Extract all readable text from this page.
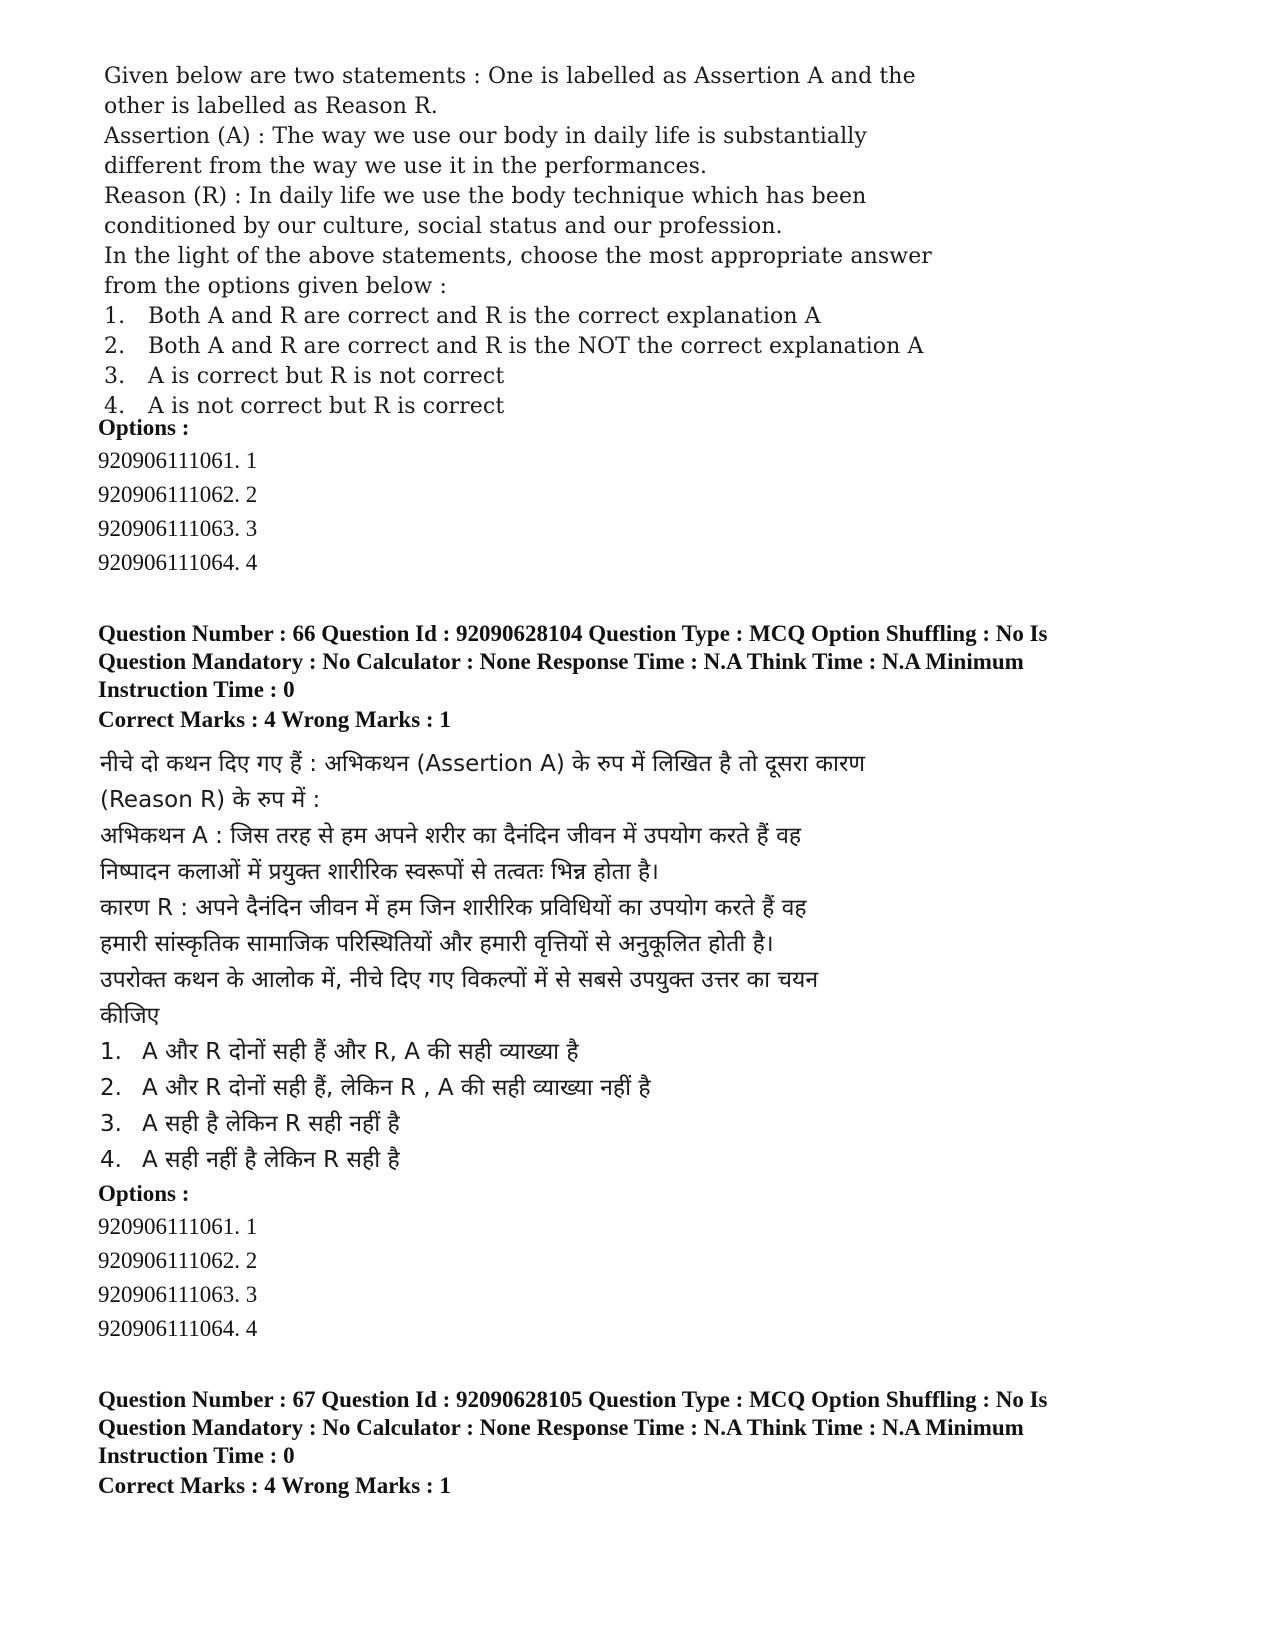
Given below are two statements : One is labelled as Assertion A and the
other is labelled as Reason R.
Assertion (A) : The way we use our body in daily life is substantially
different from the way we use it in the performances.
Reason (R) : In daily life we use the body technique which has been
conditioned by our culture, social status and our profession.
In the light of the above statements, choose the most appropriate answer
from the options given below :
1. Both A and R are correct and R is the correct explanation A
2. Both A and R are correct and R is the NOT the correct explanation A
3. A is correct but R is not correct
4. A is not correct but R is correct
Options :
920906111061. 1
920906111062. 2
920906111063. 3
920906111064. 4
Question Number : 66 Question Id : 92090628104 Question Type : MCQ Option Shuffling : No Is
Question Mandatory : No Calculator : None Response Time : N.A Think Time : N.A Minimum
Instruction Time : 0
Correct Marks : 4 Wrong Marks : 1
नीचे दो कथन दिए गए हैं : अभिकथन (Assertion A) के रुप में लिखित है तो दूसरा कारण
(Reason R) के रुप में :
अभिकथन A : जिस तरह से हम अपने शरीर का दैनंदिन जीवन में उपयोग करते हैं वह
निष्पादन कलाओं में प्रयुक्त शारीरिक स्वरूपों से तत्वतः भिन्न होता है।
कारण R : अपने दैनंदिन जीवन में हम जिन शारीरिक प्रविधियों का उपयोग करते हैं वह
हमारी सांस्कृतिक सामाजिक परिस्थितियों और हमारी वृत्तियों से अनुकूलित होती है।
उपरोक्त कथन के आलोक में, नीचे दिए गए विकल्पों में से सबसे उपयुक्त उत्तर का चयन
कीजिए
1. A और R दोनों सही हैं और R, A की सही व्याख्या है
2. A और R दोनों सही हैं, लेकिन R , A की सही व्याख्या नहीं है
3. A सही है लेकिन R सही नहीं है
4. A सही नहीं है लेकिन R सही है
Options :
920906111061. 1
920906111062. 2
920906111063. 3
920906111064. 4
Question Number : 67 Question Id : 92090628105 Question Type : MCQ Option Shuffling : No Is
Question Mandatory : No Calculator : None Response Time : N.A Think Time : N.A Minimum
Instruction Time : 0
Correct Marks : 4 Wrong Marks : 1
